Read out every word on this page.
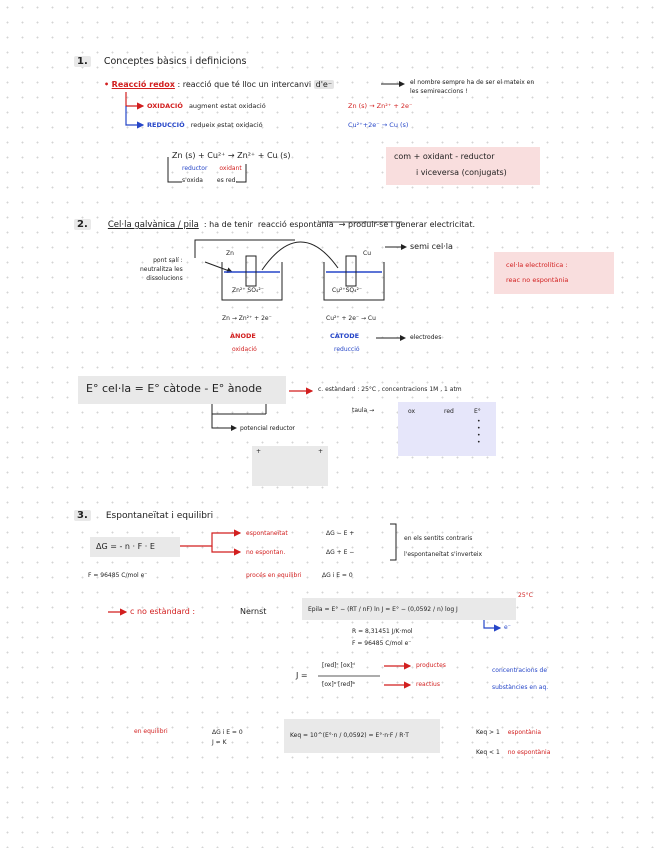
1. Conceptes bàsics i definicions
• Reacció redox : reacció que té lloc un intercanvi d'e⁻	el nombre sempre ha de ser el mateix en
les semireaccions !
OXIDACIÓ augment estat oxidació	Zn (s) → Zn²⁺ + 2e⁻
REDUCCIÓ redueix estat oxidació	Cu²⁺+2e⁻ → Cu (s)
Zn (s) + Cu²⁺ → Zn²⁺ + Cu (s)
reductor oxidant
s'oxida es red.
com + oxidant - reductor
i viceversa (conjugats)
2. Cel·la galvànica / pila : ha de tenir reacció espontània → produir-se i generar electricitat.
pont salí :
neutralitza les
dissolucions
Zn	Cu
Zn²⁺ SO₄²⁻	Cu²⁺SO₄²⁻
semi cel·la
cel·la electrolítica :
reac no espontània
Zn → Zn²⁺ + 2e⁻	Cu²⁺ + 2e⁻ → Cu
ÀNODE
oxidació
CÀTODE
reducció
electrodes
E° cel·la = E° càtode - E° ànode	c. estàndard : 25°C , concentracions 1M , 1 atm
potencial reductor
taula →	ox	red	E°
•
•
•
•
+	+
3. Espontaneïtat i equilibri
ΔG = - n · F · E
espontaneïtat	ΔG − E +
no espontan.	ΔG + E −
en els sentits contraris
l'espontaneïtat s'inverteix
F = 96485 C/mol e⁻	procés en equilibri	ΔG i E = 0
c no estàndard :	Nernst	Epila = E° − (RT / nF) ln J = E° − (0,0592 / n) log J
25°C
e⁻
R = 8,31451 J/K·mol
F = 96485 C/mol e⁻
J =
[red]ᶜ [ox]ᵈ
[ox]ᵃ [red]ᵇ
productes
reactius
concentracions de
substàncies en aq.
en equilibri	ΔG i E = 0
J = K
Keq = 10^(E°·n / 0,0592) = E°·n·F / R·T	Keq > 1 espontània
Keq < 1 no espontània
